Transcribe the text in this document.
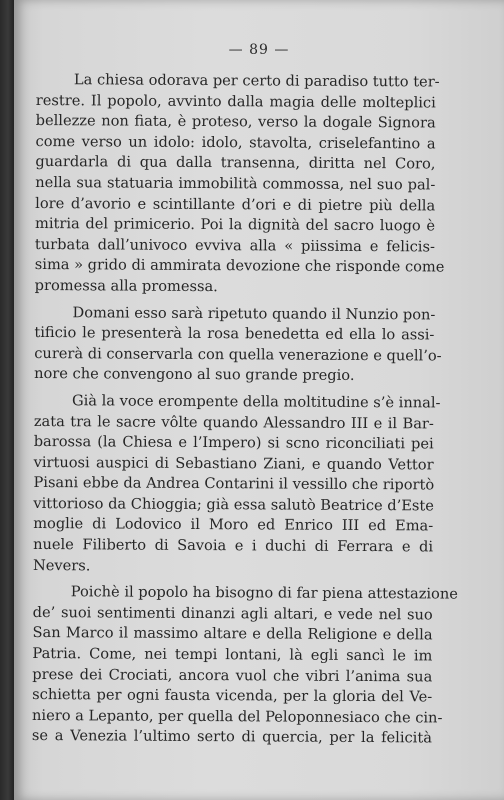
— 89 —
La chiesa odorava per certo di paradiso tutto ter-
restre. Il popolo, avvinto dalla magia delle molteplici
bellezze non fiata, è proteso, verso la dogale Signora
come verso un idolo: idolo, stavolta, criselefantino a
guardarla di qua dalla transenna, diritta nel Coro,
nella sua statuaria immobilità commossa, nel suo pal-
lore d’avorio e scintillante d’ori e di pietre più della
mitria del primicerio. Poi la dignità del sacro luogo è
turbata dall’univoco evviva alla « piissima e felicis-
sima » grido di ammirata devozione che risponde come
promessa alla promessa.
Domani esso sarà ripetuto quando il Nunzio pon-
tificio le presenterà la rosa benedetta ed ella lo assi-
curerà di conservarla con quella venerazione e quell’o-
nore che convengono al suo grande pregio.
Già la voce erompente della moltitudine s’è innal-
zata tra le sacre vôlte quando Alessandro III e il Bar-
barossa (la Chiesa e l’Impero) si scno riconciliati pei
virtuosi auspici di Sebastiano Ziani, e quando Vettor
Pisani ebbe da Andrea Contarini il vessillo che riportò
vittorioso da Chioggia; già essa salutò Beatrice d’Este
moglie di Lodovico il Moro ed Enrico III ed Ema-
nuele Filiberto di Savoia e i duchi di Ferrara e di
Nevers.
Poichè il popolo ha bisogno di far piena attestazione
de’ suoi sentimenti dinanzi agli altari, e vede nel suo
San Marco il massimo altare e della Religione e della
Patria. Come, nei tempi lontani, là egli sancì le im
prese dei Crociati, ancora vuol che vibri l’anima sua
schietta per ogni fausta vicenda, per la gloria del Ve-
niero a Lepanto, per quella del Peloponnesiaco che cin-
se a Venezia l’ultimo serto di quercia, per la felicità
